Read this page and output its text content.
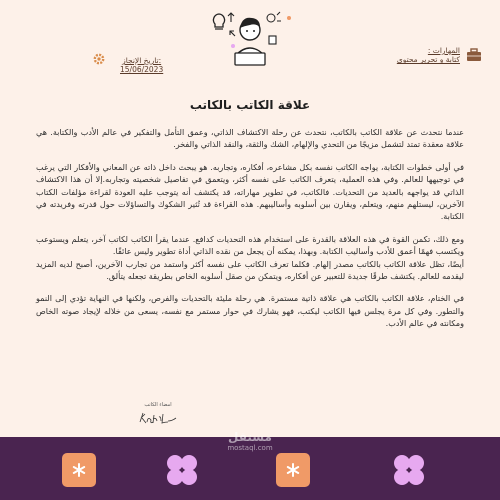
المهارات :
كتابة و تحرير محتوى
تاريخ الإنجاز:
15/06/2023
علاقة الكاتب بالكاتب

عندما نتحدث عن علاقة الكاتب بالكاتب، نتحدث عن رحلة الاكتشاف الذاتي، وعمق التأمل والتفكير في عالم الأدب والكتابة. هي علاقة معقدة تمتد لتشمل مزيجًا من التحدي والإلهام، الشك والثقة، والنقد الذاتي والفخر.

في أولى خطوات الكتابة، يواجه الكاتب نفسه بكل مشاعره، أفكاره، وتجاربه. هو يبحث داخل ذاته عن المعاني والأفكار التي يرغب في توجيهها للعالم. وفي هذه العملية، يتعرف الكاتب على نفسه أكثر، ويتعمق في تفاصيل شخصيته وتجاربه.إلا أن هذا الاكتشاف الذاتي قد يواجهه بالعديد من التحديات. فالكاتب، في تطوير مهاراته، قد يكتشف أنه يتوجب عليه العودة لقراءة مؤلفات الكتاب الآخرين، ليستلهم منهم، ويتعلم، ويقارن بين أسلوبه وأساليبهم. هذه القراءة قد تُثير الشكوك والتساؤلات حول قدرته وفريدته في الكتابة.

ومع ذلك، تكمن القوة في هذه العلاقة بالقدرة على استخدام هذه التحديات كدافع. عندما يقرأ الكاتب لكاتب آخر، يتعلم ويستوعب ويكتسب فهمًا أعمق للأدب وأساليب الكتابة. وبهذا، يمكنه أن يجعل من نقده الذاتي أداة تطوير وليس عائقًا.
أيضًا، تظل علاقة الكاتب بالكاتب مصدر إلهام. فكلما تعرف الكاتب على نفسه أكثر واستمد من تجارب الآخرين، أصبح لديه المزيد ليقدمه للعالم. يكتشف طرقًا جديدة للتعبير عن أفكاره، ويتمكن من صقل أسلوبه الخاص بطريقة تجعله يتألق.

في الختام، علاقة الكاتب بالكاتب هي علاقة ذاتية مستمرة. هي رحلة مليئة بالتحديات والفرص، ولكنها في النهاية تؤدي إلى النمو والتطور. وفي كل مرة يجلس فيها الكاتب ليكتب، فهو يشارك في حوار مستمر مع نفسه، يسعى من خلاله لإيجاد صوته الخاص ومكانته في عالم الأدب.

امضاء الكاتب
مستقل
mostaql.com
